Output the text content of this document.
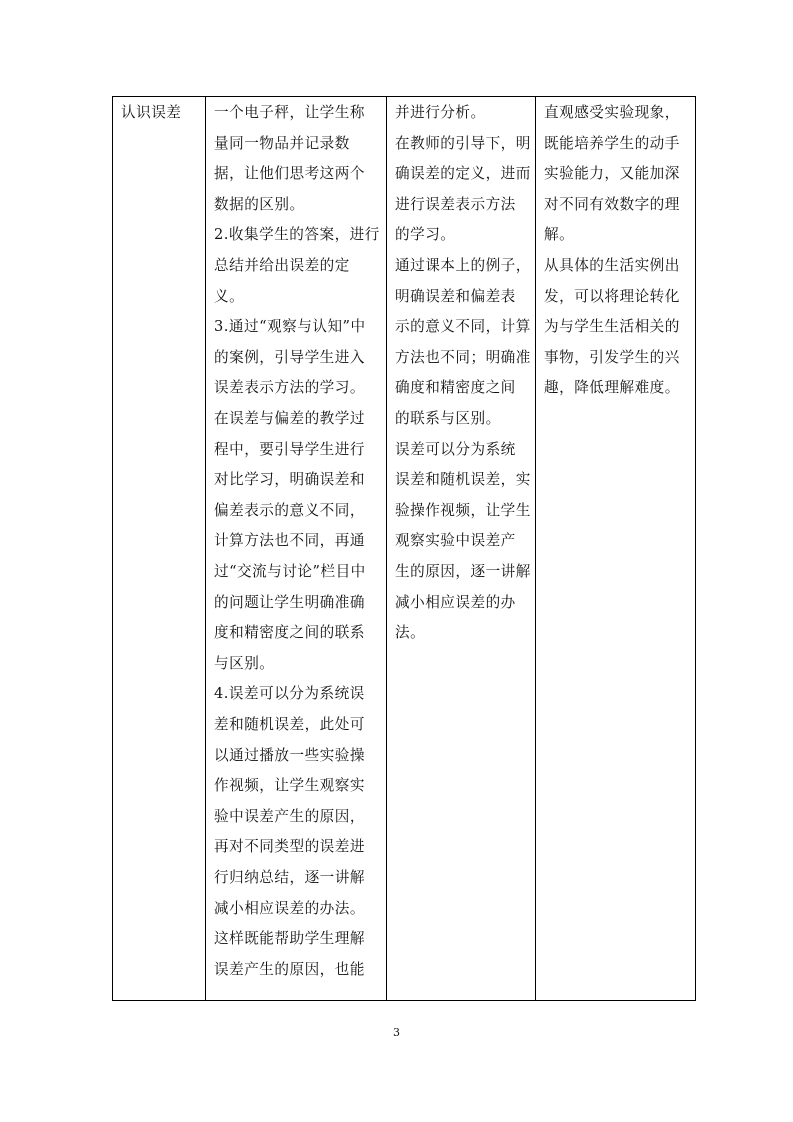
认识误差 一个电子秤，让学生称
量同一物品并记录数
据，让他们思考这两个
数据的区别。
2.收集学生的答案，进行
总结并给出误差的定
义。
3.通过“观察与认知”中
的案例，引导学生进入
误差表示方法的学习。
在误差与偏差的教学过
程中，要引导学生进行
对比学习，明确误差和
偏差表示的意义不同，
计算方法也不同，再通
过“交流与讨论”栏目中
的问题让学生明确准确
度和精密度之间的联系
与区别。
4.误差可以分为系统误
差和随机误差，此处可
以通过播放一些实验操
作视频，让学生观察实
验中误差产生的原因，
再对不同类型的误差进
行归纳总结，逐一讲解
减小相应误差的办法。
这样既能帮助学生理解
误差产生的原因，也能
并进行分析。
在教师的引导下，明
确误差的定义，进而
进行误差表示方法
的学习。
通过课本上的例子，
明确误差和偏差表
示的意义不同，计算
方法也不同；明确准
确度和精密度之间
的联系与区别。
误差可以分为系统
误差和随机误差，实
验操作视频，让学生
观察实验中误差产
生的原因，逐一讲解
减小相应误差的办
法。
直观感受实验现象，
既能培养学生的动手
实验能力，又能加深
对不同有效数字的理
解。
从具体的生活实例出
发，可以将理论转化
为与学生生活相关的
事物，引发学生的兴
趣，降低理解难度。
3
